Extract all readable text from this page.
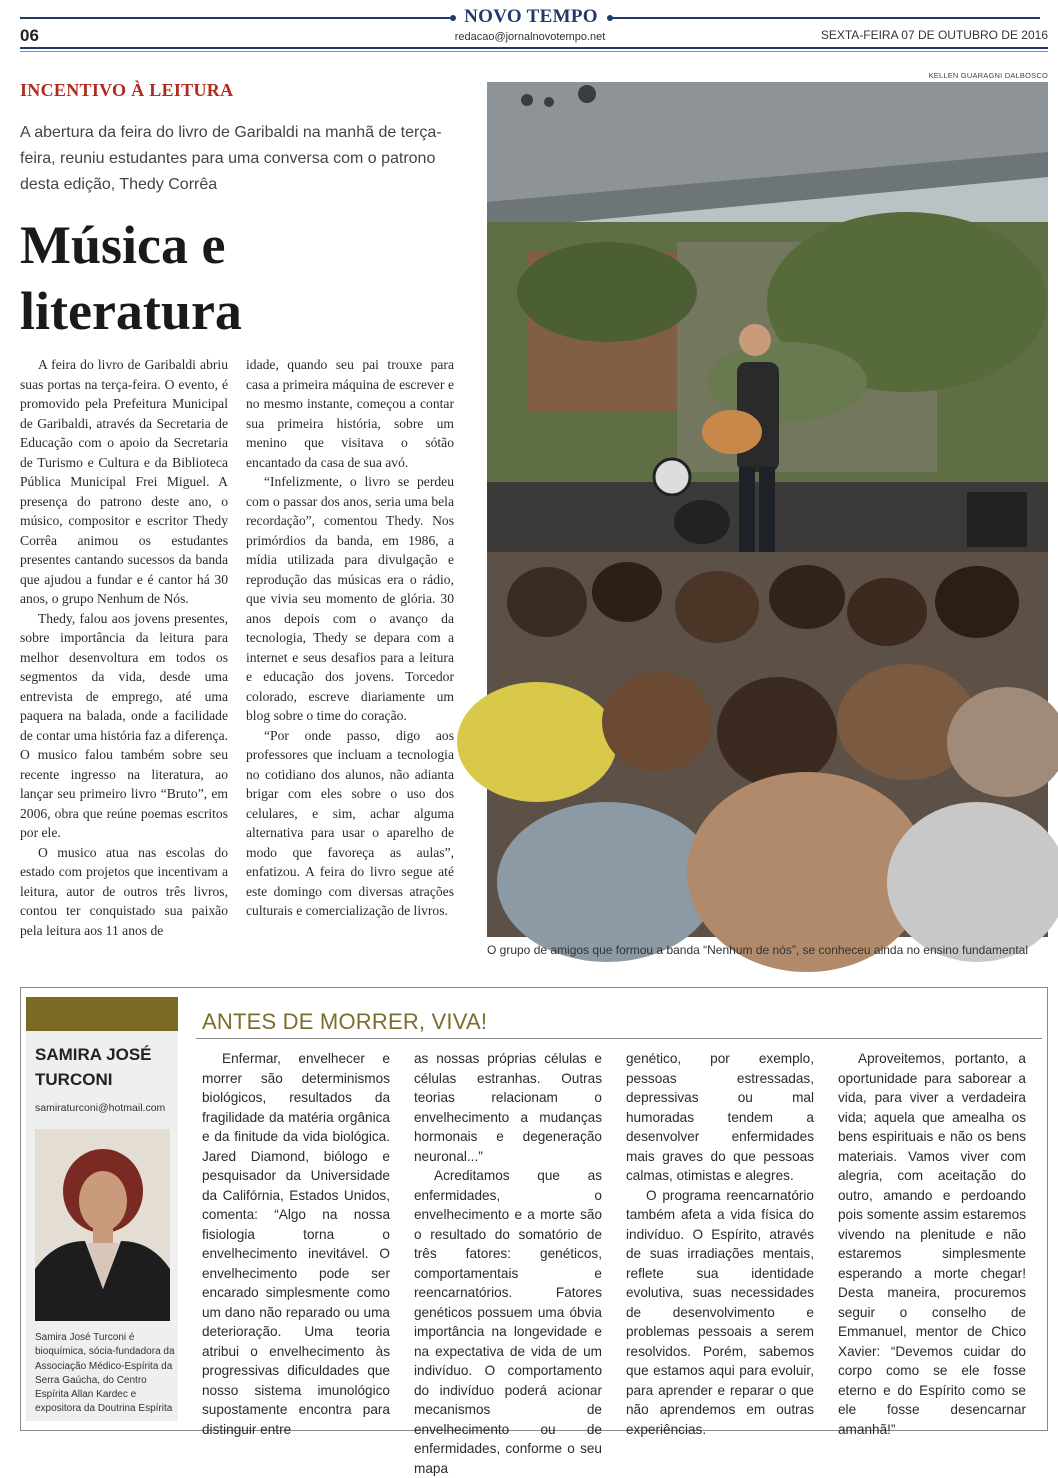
NOVO TEMPO
06	redacao@jornalnovotempo.net	SEXTA-FEIRA 07 DE OUTUBRO DE 2016
INCENTIVO À LEITURA
A abertura da feira do livro de Garibaldi na manhã de terça-feira, reuniu estudantes para uma conversa com o patrono desta edição, Thedy Corrêa
Música e
literatura

A feira do livro de Garibaldi abriu suas portas na terça-feira. O evento, é promovido pela Prefeitura Municipal de Garibaldi, através da Secretaria de Educação com o apoio da Secretaria de Turismo e Cultura e da Biblioteca Pública Municipal Frei Miguel. A presença do patrono deste ano, o músico, compositor e escritor Thedy Corrêa animou os estudantes presentes cantando sucessos da banda que ajudou a fundar e é cantor há 30 anos, o grupo Nenhum de Nós.

Thedy, falou aos jovens presentes, sobre importância da leitura para melhor desenvoltura em todos os segmentos da vida, desde uma entrevista de emprego, até uma paquera na balada, onde a facilidade de contar uma história faz a diferença. O musico falou também sobre seu recente ingresso na literatura, ao lançar seu primeiro livro “Bruto”, em 2006, obra que reúne poemas escritos por ele.

O musico atua nas escolas do estado com projetos que incentivam a leitura, autor de outros três livros, contou ter conquistado sua paixão pela leitura aos 11 anos de

idade, quando seu pai trouxe para casa a primeira máquina de escrever e no mesmo instante, começou a contar sua primeira história, sobre um menino que visitava o sótão encantado da casa de sua avó.

“Infelizmente, o livro se perdeu com o passar dos anos, seria uma bela recordação”, comentou Thedy. Nos primórdios da banda, em 1986, a mídia utilizada para divulgação e reprodução das músicas era o rádio, que vivia seu momento de glória. 30 anos depois com o avanço da tecnologia, Thedy se depara com a internet e seus desafios para a leitura e educação dos jovens. Torcedor colorado, escreve diariamente um blog sobre o time do coração.

“Por onde passo, digo aos professores que incluam a tecnologia no cotidiano dos alunos, não adianta brigar com eles sobre o uso dos celulares, e sim, achar alguma alternativa para usar o aparelho de modo que favoreça as aulas”, enfatizou. A feira do livro segue até este domingo com diversas atrações culturais e comercialização de livros.

KELLEN GUARAGNI DALBOSCO
O grupo de amigos que formou a banda “Nenhum de nós”, se conheceu ainda no ensino fundamental
SAMIRA JOSÉ
TURCONI
samiraturconi@hotmail.com
Samira José Turconi é bioquímica, sócia-fundadora da Associação Médico-Espírita da Serra Gaúcha, do Centro Espírita Allan Kardec e expositora da Doutrina Espírita
ANTES DE MORRER, VIVA!

Enfermar, envelhecer e morrer são determinismos biológicos, resultados da fragilidade da matéria orgânica e da finitude da vida biológica. Jared Diamond, biólogo e pesquisador da Universidade da Califórnia, Estados Unidos, comenta: “Algo na nossa fisiologia torna o envelhecimento inevitável. O envelhecimento pode ser encarado simplesmente como um dano não reparado ou uma deterioração. Uma teoria atribui o envelhecimento às progressivas dificuldades que nosso sistema imunológico supostamente encontra para distinguir entre

as nossas próprias células e células estranhas. Outras teorias relacionam o envelhecimento a mudanças hormonais e degeneração neuronal...”

Acreditamos que as enfermidades, o envelhecimento e a morte são o resultado do somatório de três fatores: genéticos, comportamentais e reencarnatórios. Fatores genéticos possuem uma óbvia importância na longevidade e na expectativa de vida de um indivíduo. O comportamento do indivíduo poderá acionar mecanismos de envelhecimento ou de enfermidades, conforme o seu mapa

genético, por exemplo, pessoas estressadas, depressivas ou mal humoradas tendem a desenvolver enfermidades mais graves do que pessoas calmas, otimistas e alegres.

O programa reencarnatório também afeta a vida física do indivíduo. O Espírito, através de suas irradiações mentais, reflete sua identidade evolutiva, suas necessidades de desenvolvimento e problemas pessoais a serem resolvidos. Porém, sabemos que estamos aqui para evoluir, para aprender e reparar o que não aprendemos em outras experiências.

Aproveitemos, portanto, a oportunidade para saborear a vida, para viver a verdadeira vida; aquela que amealha os bens espirituais e não os bens materiais. Vamos viver com alegria, com aceitação do outro, amando e perdoando pois somente assim estaremos vivendo na plenitude e não estaremos simplesmente esperando a morte chegar! Desta maneira, procuremos seguir o conselho de Emmanuel, mentor de Chico Xavier: “Devemos cuidar do corpo como se ele fosse eterno e do Espírito como se ele fosse desencarnar amanhã!”
